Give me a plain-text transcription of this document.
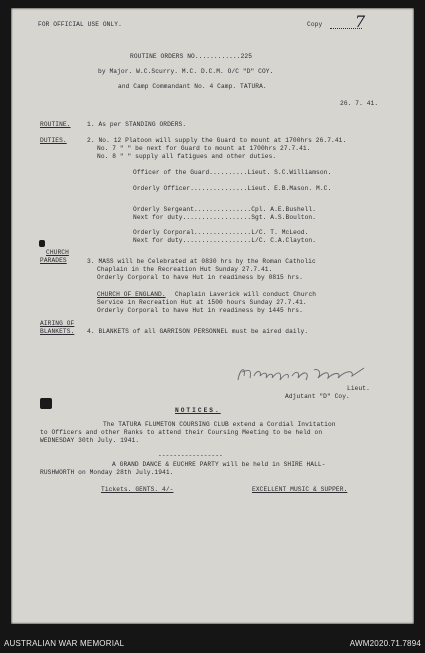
FOR OFFICIAL USE ONLY.	Copy 7
ROUTINE ORDERS NO............225
by Major. W.C.Scurry. M.C. D.C.M. O/C "D" COY.
and Camp Commandant No. 4 Camp. TATURA.
26. 7. 41.
ROUTINE.	1. As per STANDING ORDERS.
DUTIES.	2. No. 12 Platoon will supply the Guard to mount at 1700hrs 26.7.41.
No. 7 " " be next for Guard to mount at 1700hrs 27.7.41.
No. 8 " " supply all fatigues and other duties.
Officer of the Guard..........Lieut. S.C.Williamson.
Orderly Officer...............Lieut. E.B.Mason. M.C.
Orderly Sergeant...............Cpl. A.E.Bushell.
Next for duty..................Sgt. A.S.Boulton.
Orderly Corporal...............L/C. T. McLeod.
Next for duty..................L/C. C.A.Clayton.
CHURCH
PARADES	3. MASS will be Celebrated at 0830 hrs by the Roman Catholic
Chaplain in the Recreation Hut Sunday 27.7.41.
Orderly Corporal to have Hut in readiness by 0815 hrs.
CHURCH OF ENGLAND. Chaplain Laverick will conduct Church
Service in Recreation Hut at 1500 hours Sunday 27.7.41.
Orderly Corporal to have Hut in readiness by 1445 hrs.
AIRING OF
BLANKETS. 4. BLANKETS of all GARRISON PERSONNEL must be aired daily.
Lieut.
Adjutant "D" Coy.
NOTICES.
The TATURA FLUMETON COURSING CLUB extend a Cordial Invitation
to Officers and other Ranks to attend their Coursing Meeting to be held on
WEDNESDAY 30th July. 1941.
-----------------
A GRAND DANCE & EUCHRE PARTY will be held in SHIRE HALL-
RUSHWORTH on Monday 28th July.1941.
Tickets. GENTS. 4/-	EXCELLENT MUSIC & SUPPER.
AUSTRALIAN WAR MEMORIAL	AWM2020.71.7894
